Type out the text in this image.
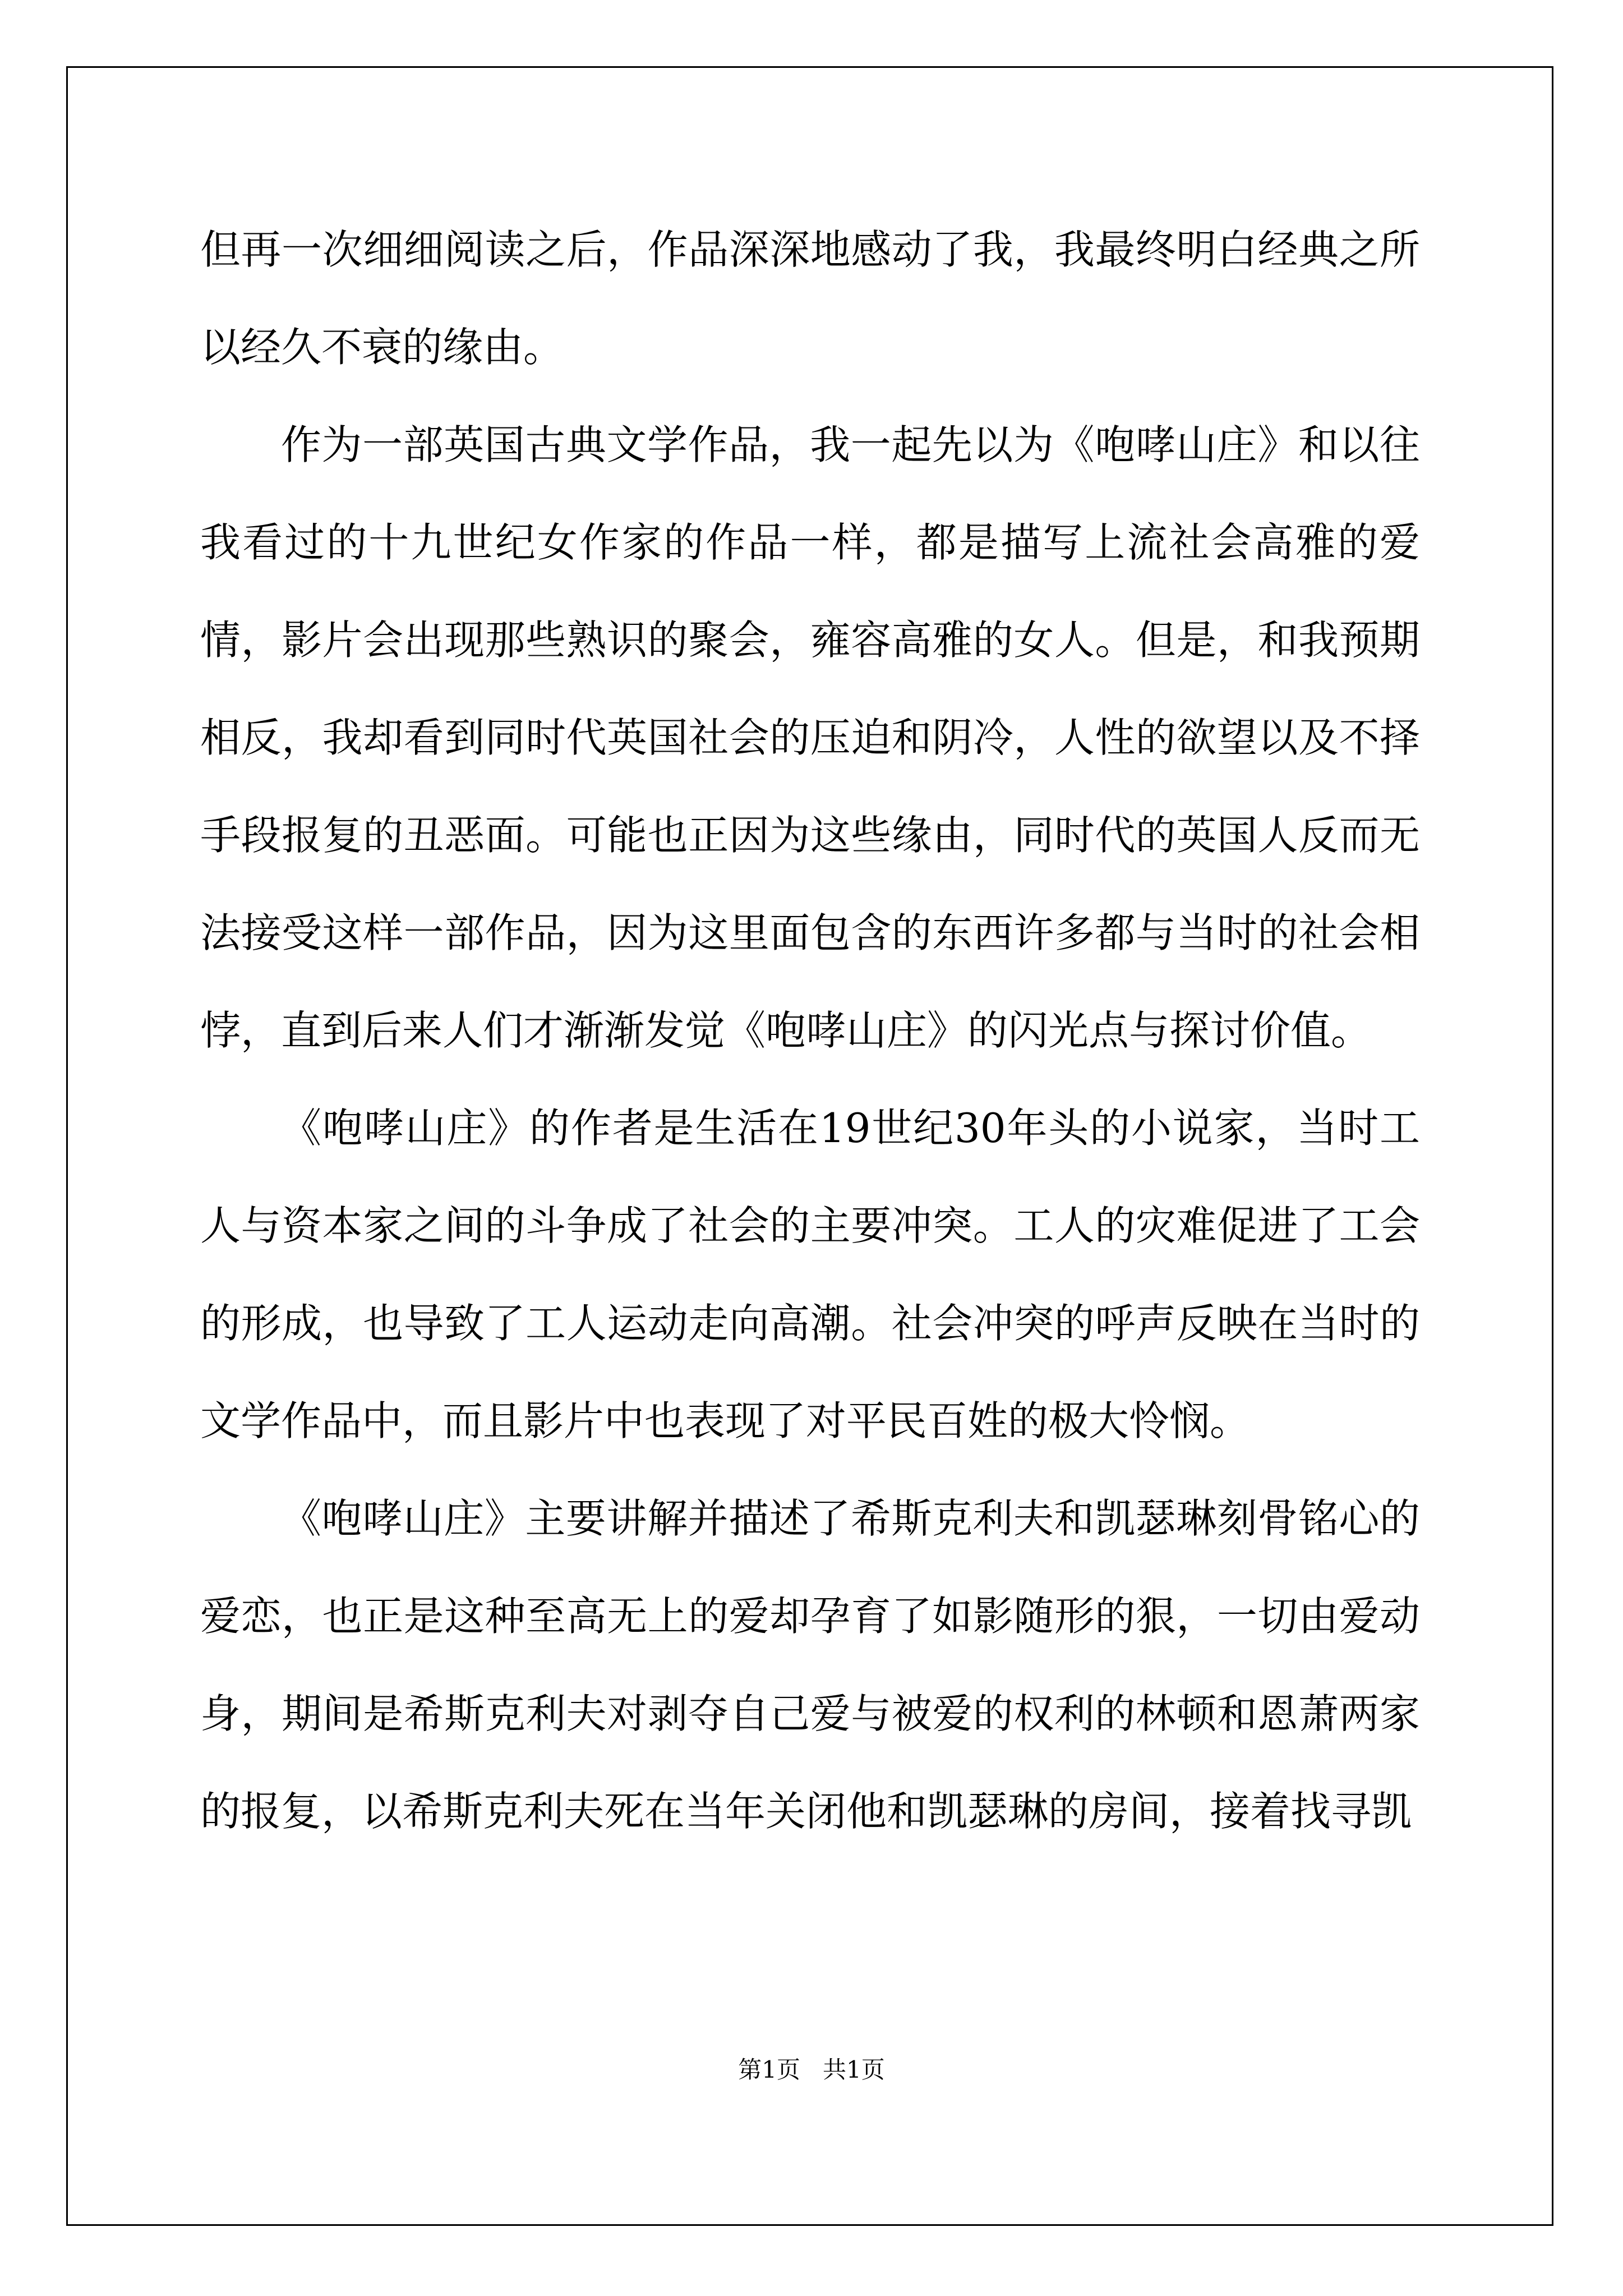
但再一次细细阅读之后，作品深深地感动了我，我最终明白经典之所以经久不衰的缘由。

作为一部英国古典文学作品，我一起先以为《咆哮山庄》和以往我看过的十九世纪女作家的作品一样，都是描写上流社会高雅的爱情，影片会出现那些熟识的聚会，雍容高雅的女人。但是，和我预期相反，我却看到同时代英国社会的压迫和阴冷，人性的欲望以及不择手段报复的丑恶面。可能也正因为这些缘由，同时代的英国人反而无法接受这样一部作品，因为这里面包含的东西许多都与当时的社会相悖，直到后来人们才渐渐发觉《咆哮山庄》的闪光点与探讨价值。

《咆哮山庄》的作者是生活在19世纪30年头的小说家，当时工人与资本家之间的斗争成了社会的主要冲突。工人的灾难促进了工会的形成，也导致了工人运动走向高潮。社会冲突的呼声反映在当时的文学作品中，而且影片中也表现了对平民百姓的极大怜悯。

《咆哮山庄》主要讲解并描述了希斯克利夫和凯瑟琳刻骨铭心的爱恋，也正是这种至高无上的爱却孕育了如影随形的狠，一切由爱动身，期间是希斯克利夫对剥夺自己爱与被爱的权利的林顿和恩萧两家的报复，以希斯克利夫死在当年关闭他和凯瑟琳的房间，接着找寻凯

第1页 共1页
